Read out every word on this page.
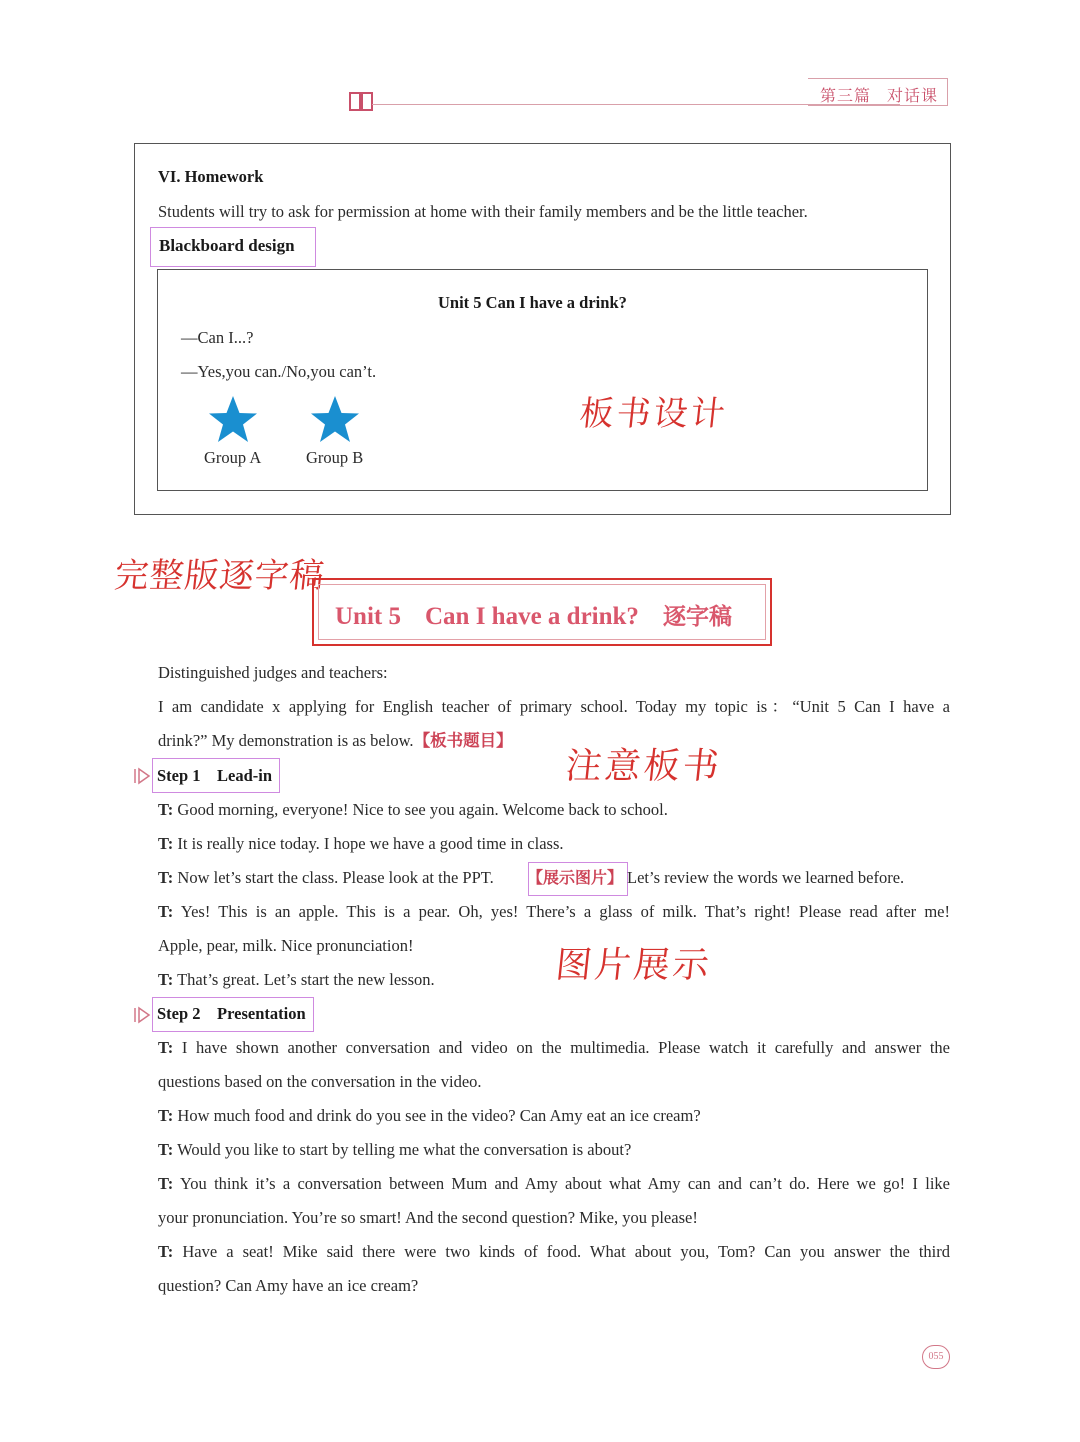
第三篇 对话课
VI. Homework
Students will try to ask for permission at home with their family members and be the little teacher.
Blackboard design
Unit 5 Can I have a drink?
—Can I...?
—Yes,you can./No,you can’t.
Group A	Group B
板书设计
完整版逐字稿
Unit 5 Can I have a drink? 逐字稿
Distinguished judges and teachers:
I am candidate x applying for English teacher of primary school. Today my topic is：“Unit 5 Can I have a
drink?” My demonstration is as below.【板书题目】
注意板书
Step 1    Lead-in
T: Good morning, everyone! Nice to see you again. Welcome back to school.
T: It is really nice today. I hope we have a good time in class.
T: Now let’s start the class. Please look at the PPT. 【展示图片】 Let’s review the words we learned before.
T: Yes! This is an apple. This is a pear. Oh, yes! There’s a glass of milk. That’s right! Please read after me!
Apple, pear, milk. Nice pronunciation!
T: That’s great. Let’s start the new lesson.	图片展示
Step 2    Presentation
T: I have shown another conversation and video on the multimedia. Please watch it carefully and answer the
questions based on the conversation in the video.
T: How much food and drink do you see in the video? Can Amy eat an ice cream?
T: Would you like to start by telling me what the conversation is about?
T: You think it’s a conversation between Mum and Amy about what Amy can and can’t do. Here we go! I like
your pronunciation. You’re so smart! And the second question? Mike, you please!
T: Have a seat! Mike said there were two kinds of food. What about you, Tom? Can you answer the third
question? Can Amy have an ice cream?
055
